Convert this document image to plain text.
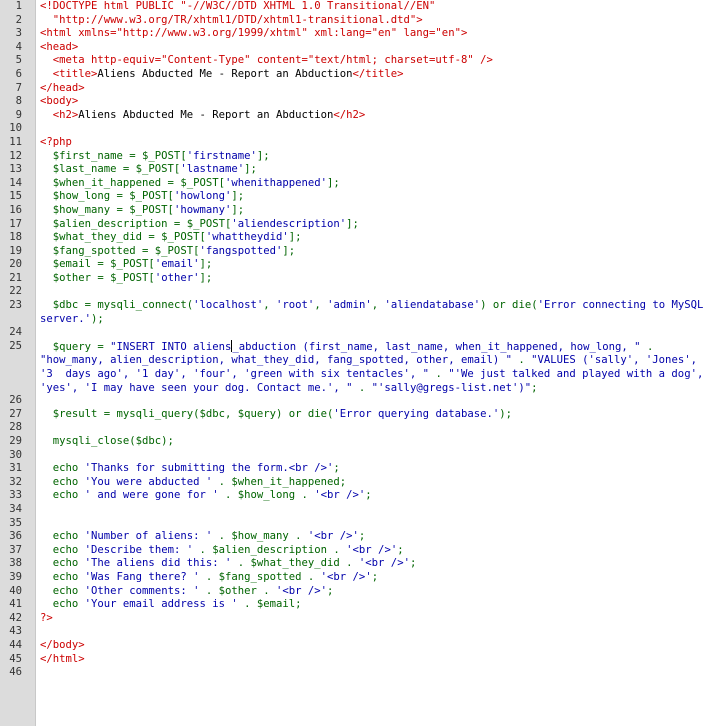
1 <!DOCTYPE html PUBLIC "-//W3C//DTD XHTML 1.0 Transitional//EN"
2 "http://www.w3.org/TR/xhtml1/DTD/xhtml1-transitional.dtd">
3 <html xmlns="http://www.w3.org/1999/xhtml" xml:lang="en" lang="en">
4 <head>
5 <meta http-equiv="Content-Type" content="text/html; charset=utf-8" />
6 <title>Aliens Abducted Me - Report an Abduction</title>
7 </head>
8 <body>
9 <h2>Aliens Abducted Me - Report an Abduction</h2>
10
11 <?php
12 $first_name = $_POST['firstname'];
13 $last_name = $_POST['lastname'];
14 $when_it_happened = $_POST['whenithappened'];
15 $how_long = $_POST['howlong'];
16 $how_many = $_POST['howmany'];
17 $alien_description = $_POST['aliendescription'];
18 $what_they_did = $_POST['whattheydid'];
19 $fang_spotted = $_POST['fangspotted'];
20 $email = $_POST['email'];
21 $other = $_POST['other'];
22
23 $dbc = mysqli_connect('localhost', 'root', 'admin', 'aliendatabase') or die('Error connecting to MySQL server.');
24
25 $query = "INSERT INTO aliens_abduction (first_name, last_name, when_it_happened, how_long, " . "how_many, alien_description, what_they_did, fang_spotted, other, email) " . "VALUES ('sally', 'Jones', '3  days ago', '1 day', 'four', 'green with six tentacles', " . "'We just talked and played with a dog', 'yes', 'I may have seen your dog. Contact me.', " . "'sally@gregs-list.net')";
26
27 $result = mysqli_query($dbc, $query) or die('Error querying database.');
28
29 mysqli_close($dbc);
30
31 echo 'Thanks for submitting the form.<br />';
32 echo 'You were abducted ' . $when_it_happened;
33 echo ' and were gone for ' . $how_long . '<br />';
34
35
36 echo 'Number of aliens: ' . $how_many . '<br />';
37 echo 'Describe them: ' . $alien_description . '<br />';
38 echo 'The aliens did this: ' . $what_they_did . '<br />';
39 echo 'Was Fang there? ' . $fang_spotted . '<br />';
40 echo 'Other comments: ' . $other . '<br />';
41 echo 'Your email address is ' . $email;
42 ?>
43
44 </body>
45 </html>
46
